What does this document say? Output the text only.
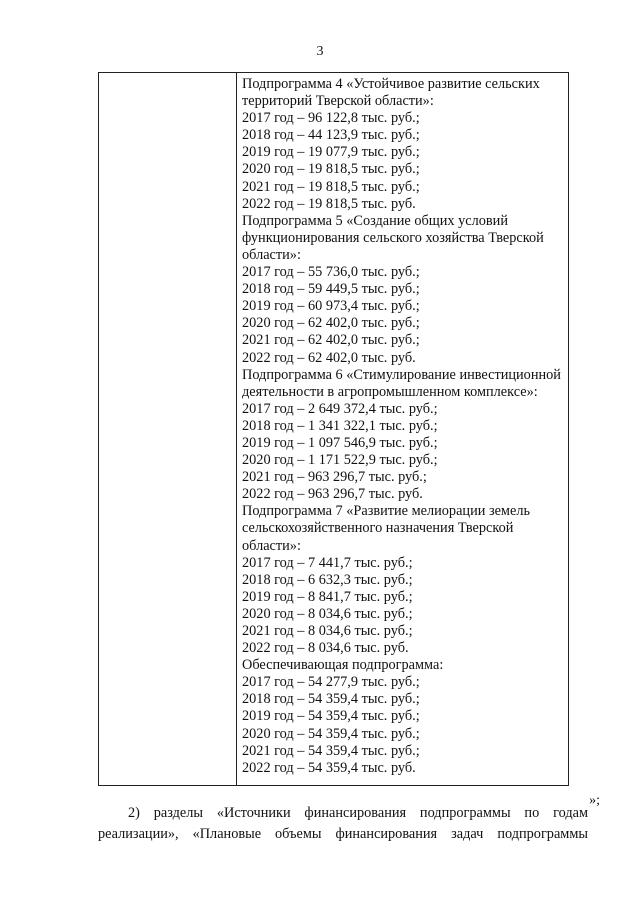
3
Подпрограмма 4 «Устойчивое развитие сельских
территорий Тверской области»:
2017 год – 96 122,8 тыс. руб.;
2018 год – 44 123,9 тыс. руб.;
2019 год – 19 077,9 тыс. руб.;
2020 год – 19 818,5 тыс. руб.;
2021 год – 19 818,5 тыс. руб.;
2022 год – 19 818,5 тыс. руб.
Подпрограмма 5 «Создание общих условий
функционирования сельского хозяйства Тверской
области»:
2017 год – 55 736,0 тыс. руб.;
2018 год – 59 449,5 тыс. руб.;
2019 год – 60 973,4 тыс. руб.;
2020 год – 62 402,0 тыс. руб.;
2021 год – 62 402,0 тыс. руб.;
2022 год – 62 402,0 тыс. руб.
Подпрограмма 6 «Стимулирование инвестиционной
деятельности в агропромышленном комплексе»:
2017 год – 2 649 372,4 тыс. руб.;
2018 год – 1 341 322,1 тыс. руб.;
2019 год – 1 097 546,9 тыс. руб.;
2020 год – 1 171 522,9 тыс. руб.;
2021 год – 963 296,7 тыс. руб.;
2022 год – 963 296,7 тыс. руб.
Подпрограмма 7 «Развитие мелиорации земель
сельскохозяйственного назначения Тверской
области»:
2017 год – 7 441,7 тыс. руб.;
2018 год – 6 632,3 тыс. руб.;
2019 год – 8 841,7 тыс. руб.;
2020 год – 8 034,6 тыс. руб.;
2021 год – 8 034,6 тыс. руб.;
2022 год – 8 034,6 тыс. руб.
Обеспечивающая подпрограмма:
2017 год – 54 277,9 тыс. руб.;
2018 год – 54 359,4 тыс. руб.;
2019 год – 54 359,4 тыс. руб.;
2020 год – 54 359,4 тыс. руб.;
2021 год – 54 359,4 тыс. руб.;
2022 год – 54 359,4 тыс. руб.
»;
2) разделы «Источники финансирования подпрограммы по годам
реализации», «Плановые объемы финансирования задач подпрограммы
